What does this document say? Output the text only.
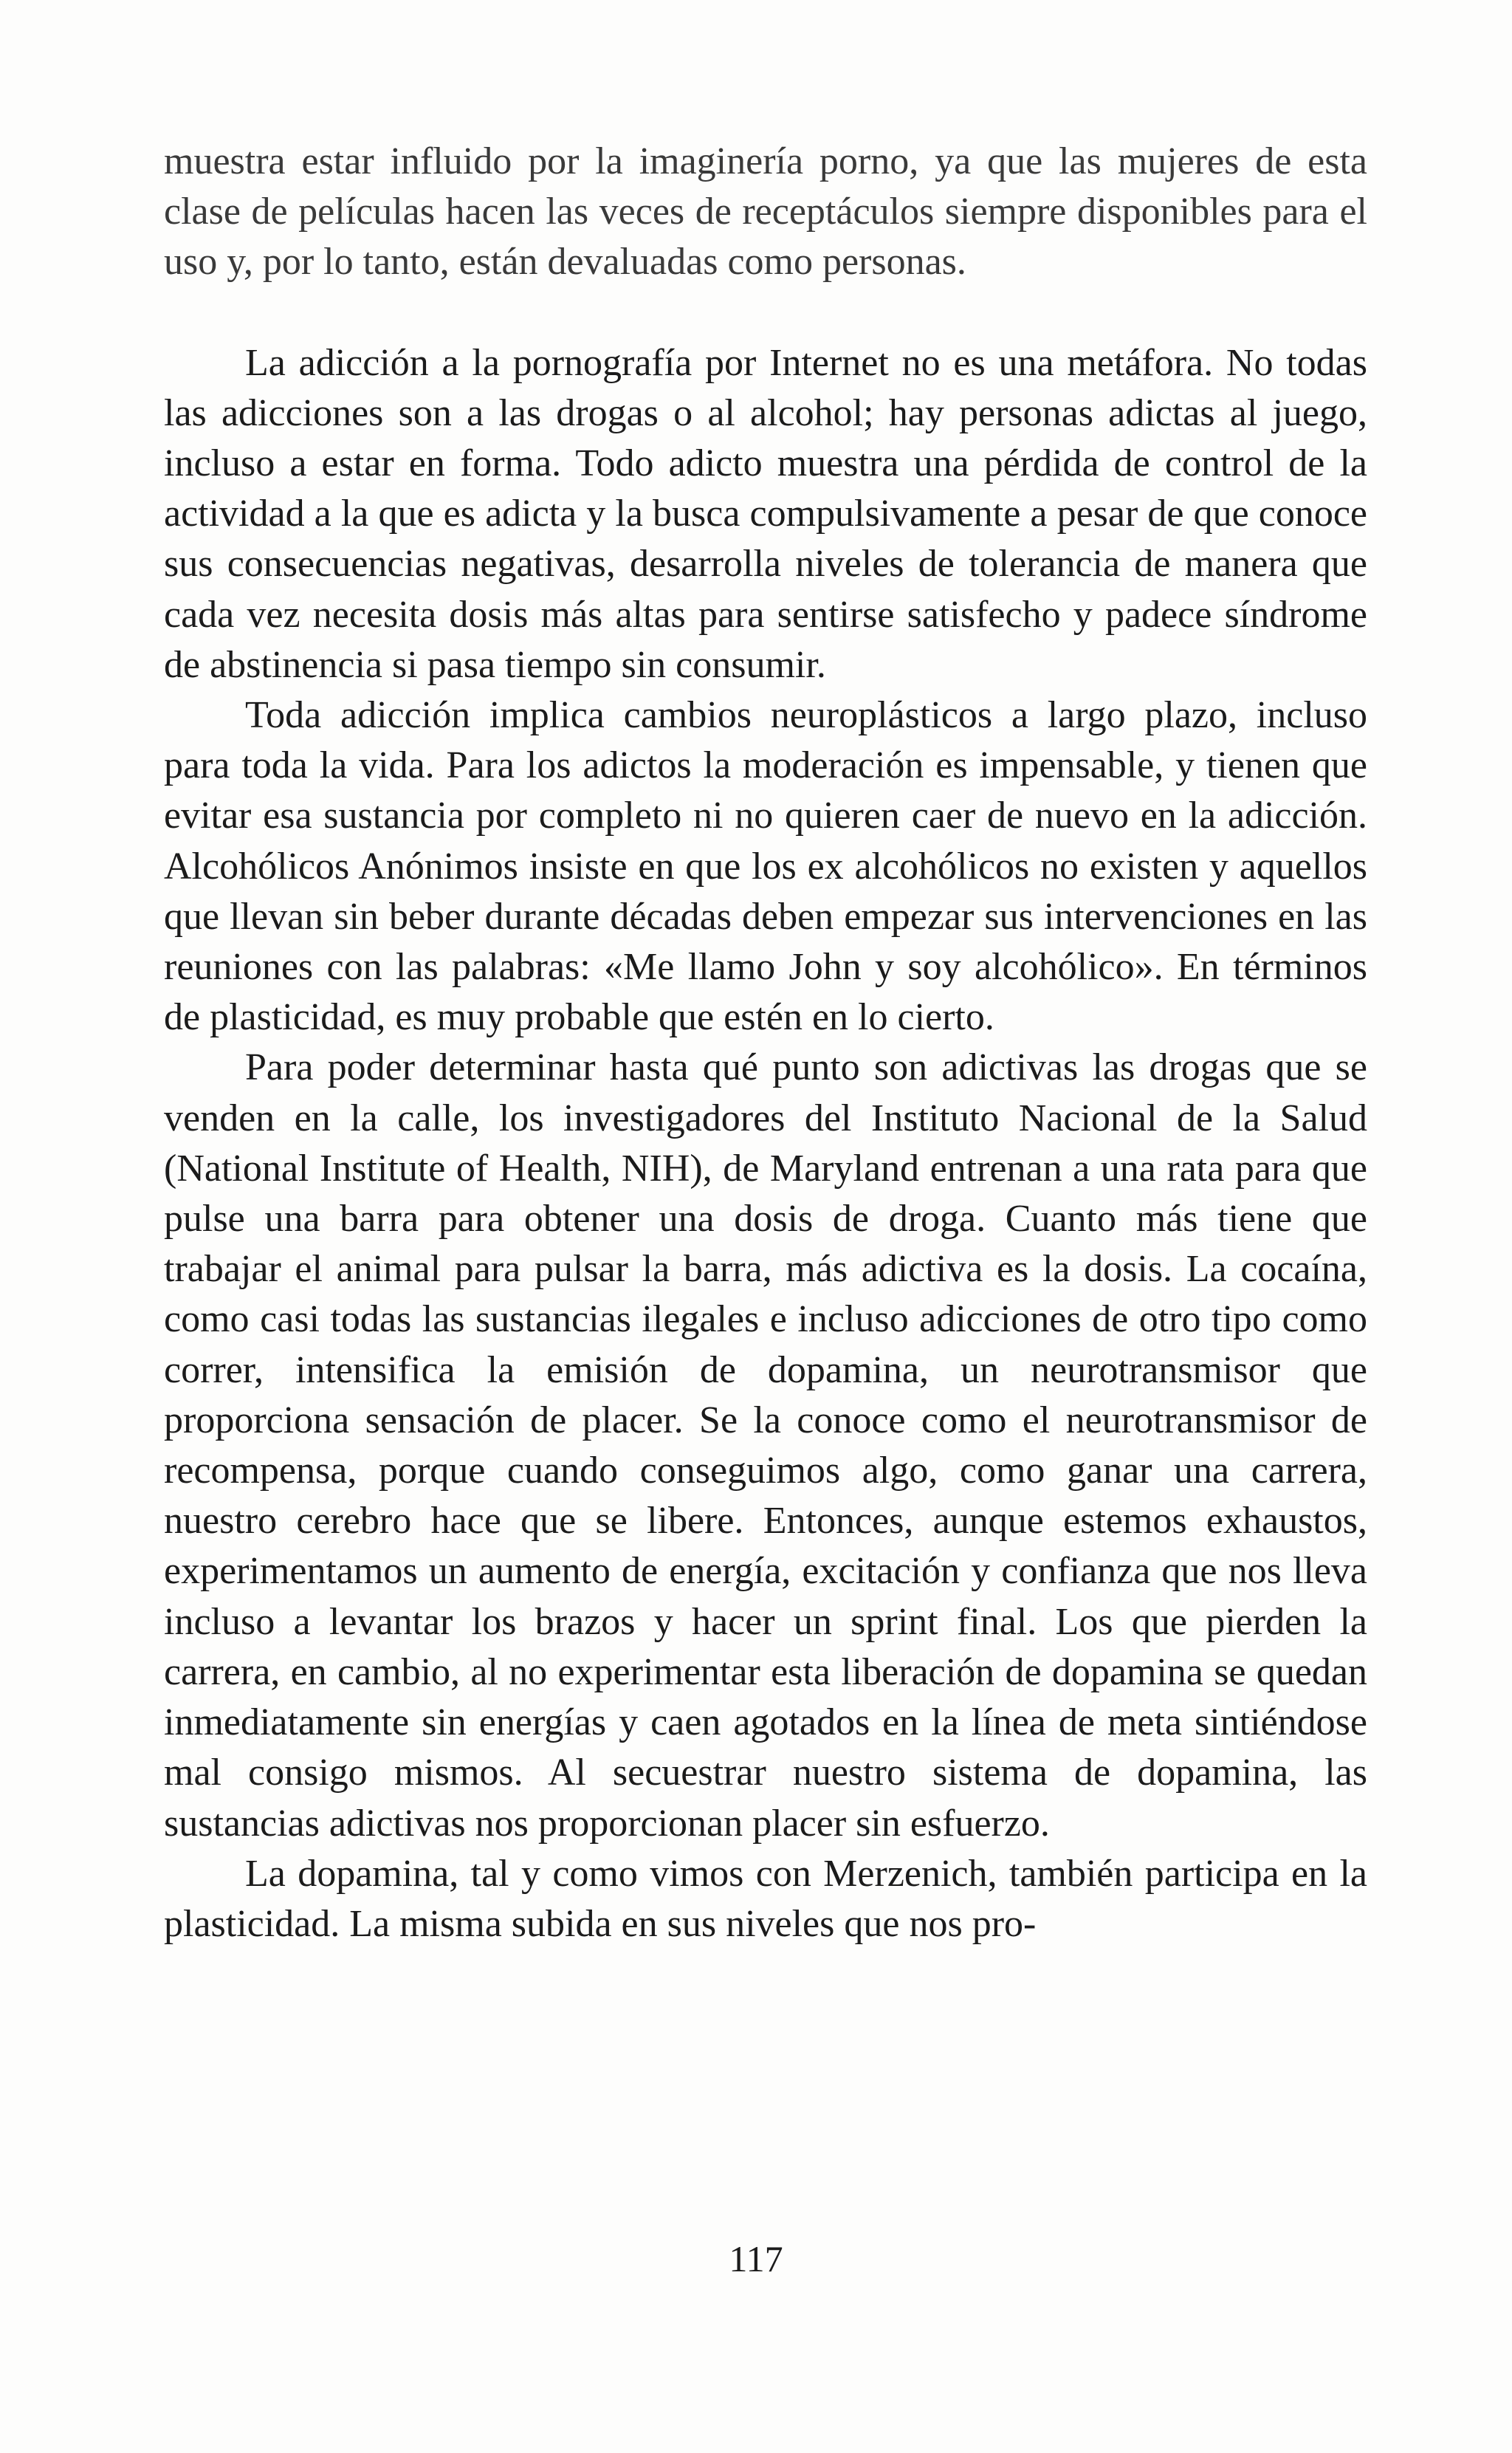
muestra estar influido por la imaginería porno, ya que las mujeres de esta clase de películas hacen las veces de receptáculos siempre disponibles para el uso y, por lo tanto, están devaluadas como personas.

La adicción a la pornografía por Internet no es una metáfora. No todas las adicciones son a las drogas o al alcohol; hay personas adictas al juego, incluso a estar en forma. Todo adicto muestra una pérdida de control de la actividad a la que es adicta y la busca compulsivamente a pesar de que conoce sus consecuencias negativas, desarrolla niveles de tolerancia de manera que cada vez necesita dosis más altas para sentirse satisfecho y padece síndrome de abstinencia si pasa tiempo sin consumir.

Toda adicción implica cambios neuroplásticos a largo plazo, incluso para toda la vida. Para los adictos la moderación es impensable, y tienen que evitar esa sustancia por completo ni no quieren caer de nuevo en la adicción. Alcohólicos Anónimos insiste en que los ex alcohólicos no existen y aquellos que llevan sin beber durante décadas deben empezar sus intervenciones en las reuniones con las palabras: «Me llamo John y soy alcohólico». En términos de plasticidad, es muy probable que estén en lo cierto.

Para poder determinar hasta qué punto son adictivas las drogas que se venden en la calle, los investigadores del Instituto Nacional de la Salud (National Institute of Health, NIH), de Maryland entrenan a una rata para que pulse una barra para obtener una dosis de droga. Cuanto más tiene que trabajar el animal para pulsar la barra, más adictiva es la dosis. La cocaína, como casi todas las sustancias ilegales e incluso adicciones de otro tipo como correr, intensifica la emisión de dopamina, un neurotransmisor que proporciona sensación de placer. Se la conoce como el neurotransmisor de recompensa, porque cuando conseguimos algo, como ganar una carrera, nuestro cerebro hace que se libere. Entonces, aunque estemos exhaustos, experimentamos un aumento de energía, excitación y confianza que nos lleva incluso a levantar los brazos y hacer un sprint final. Los que pierden la carrera, en cambio, al no experimentar esta liberación de dopamina se quedan inmediatamente sin energías y caen agotados en la línea de meta sintiéndose mal consigo mismos. Al secuestrar nuestro sistema de dopamina, las sustancias adictivas nos proporcionan placer sin esfuerzo.

La dopamina, tal y como vimos con Merzenich, también participa en la plasticidad. La misma subida en sus niveles que nos pro-

117
